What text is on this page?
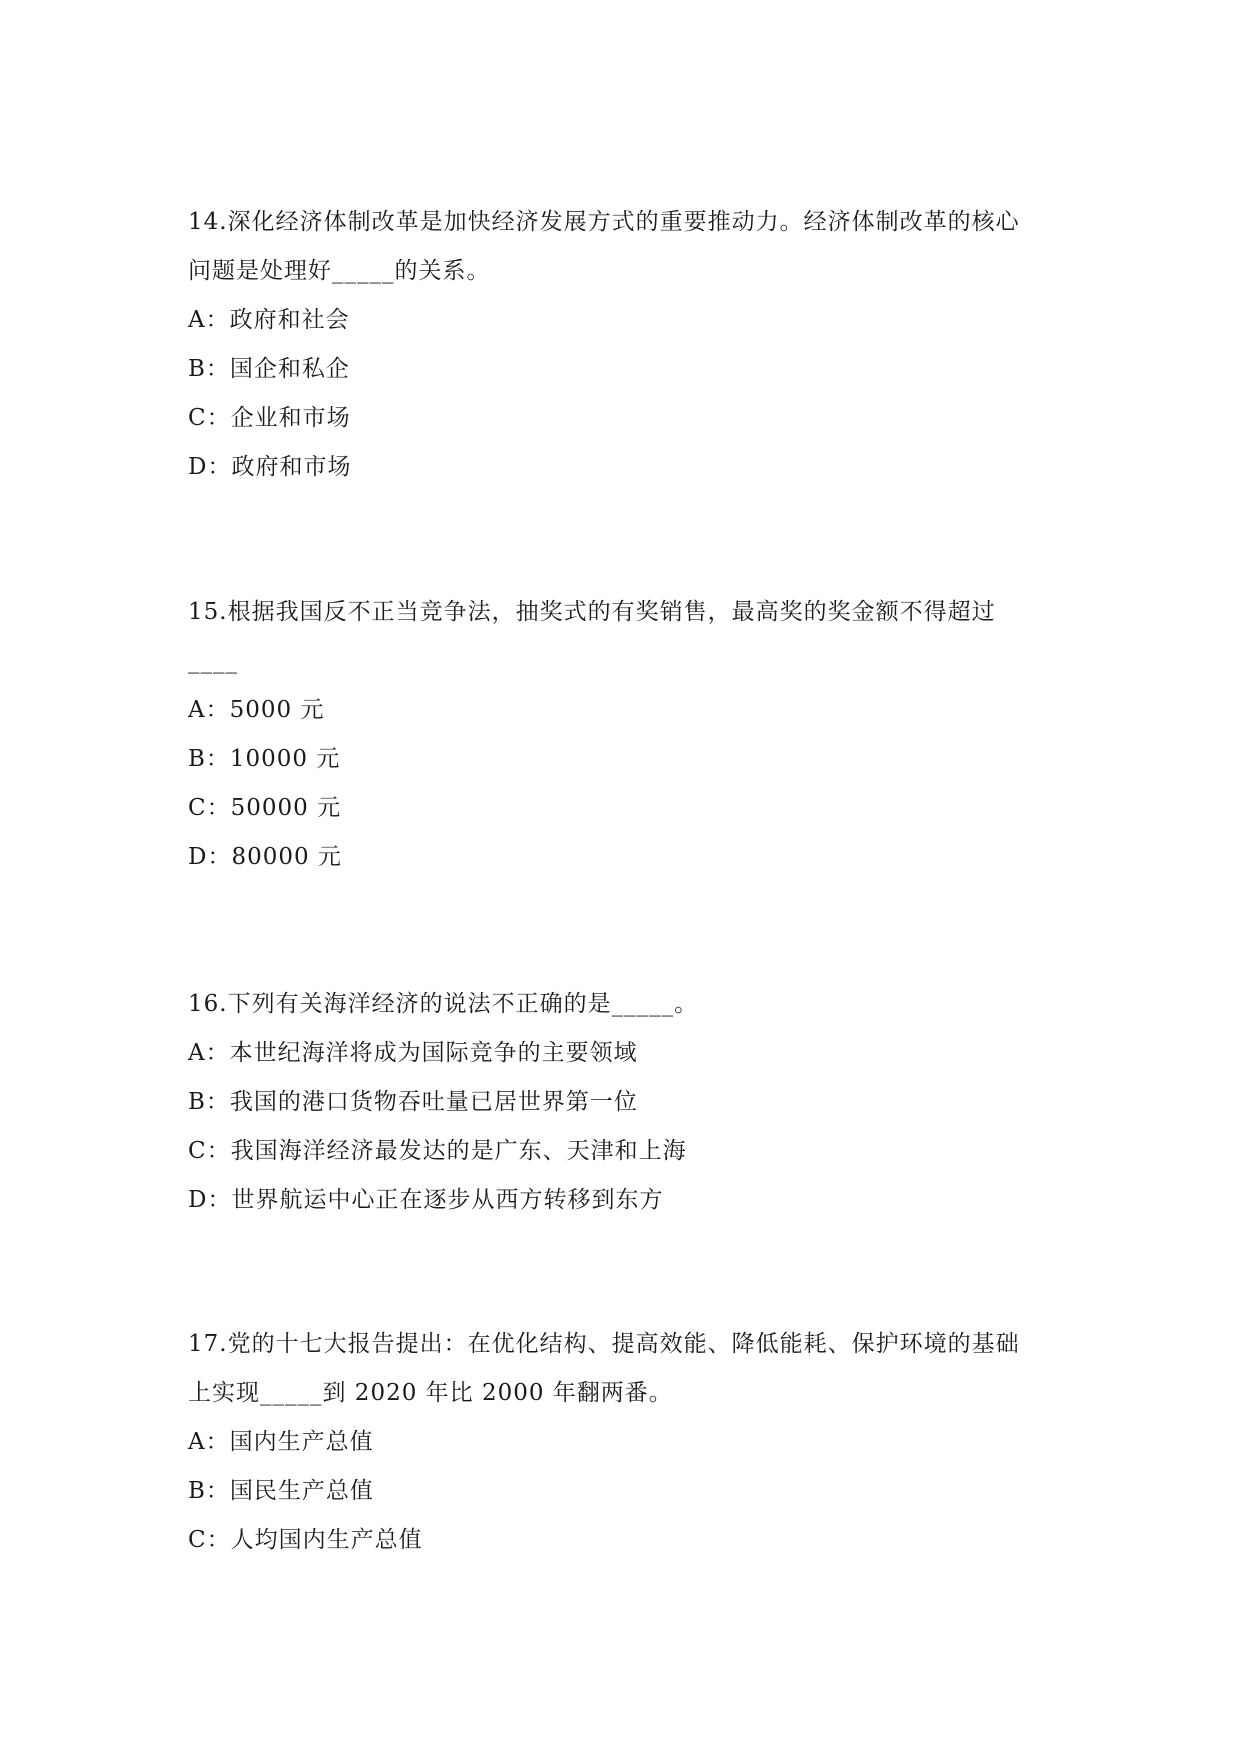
14.深化经济体制改革是加快经济发展方式的重要推动力。经济体制改革的核心
问题是处理好_____的关系。
A：政府和社会
B：国企和私企
C：企业和市场
D：政府和市场
15.根据我国反不正当竞争法，抽奖式的有奖销售，最高奖的奖金额不得超过
____
A：5000 元
B：10000 元
C：50000 元
D：80000 元
16.下列有关海洋经济的说法不正确的是_____。
A：本世纪海洋将成为国际竞争的主要领域
B：我国的港口货物吞吐量已居世界第一位
C：我国海洋经济最发达的是广东、天津和上海
D：世界航运中心正在逐步从西方转移到东方
17.党的十七大报告提出：在优化结构、提高效能、降低能耗、保护环境的基础
上实现_____到 2020 年比 2000 年翻两番。
A：国内生产总值
B：国民生产总值
C：人均国内生产总值
